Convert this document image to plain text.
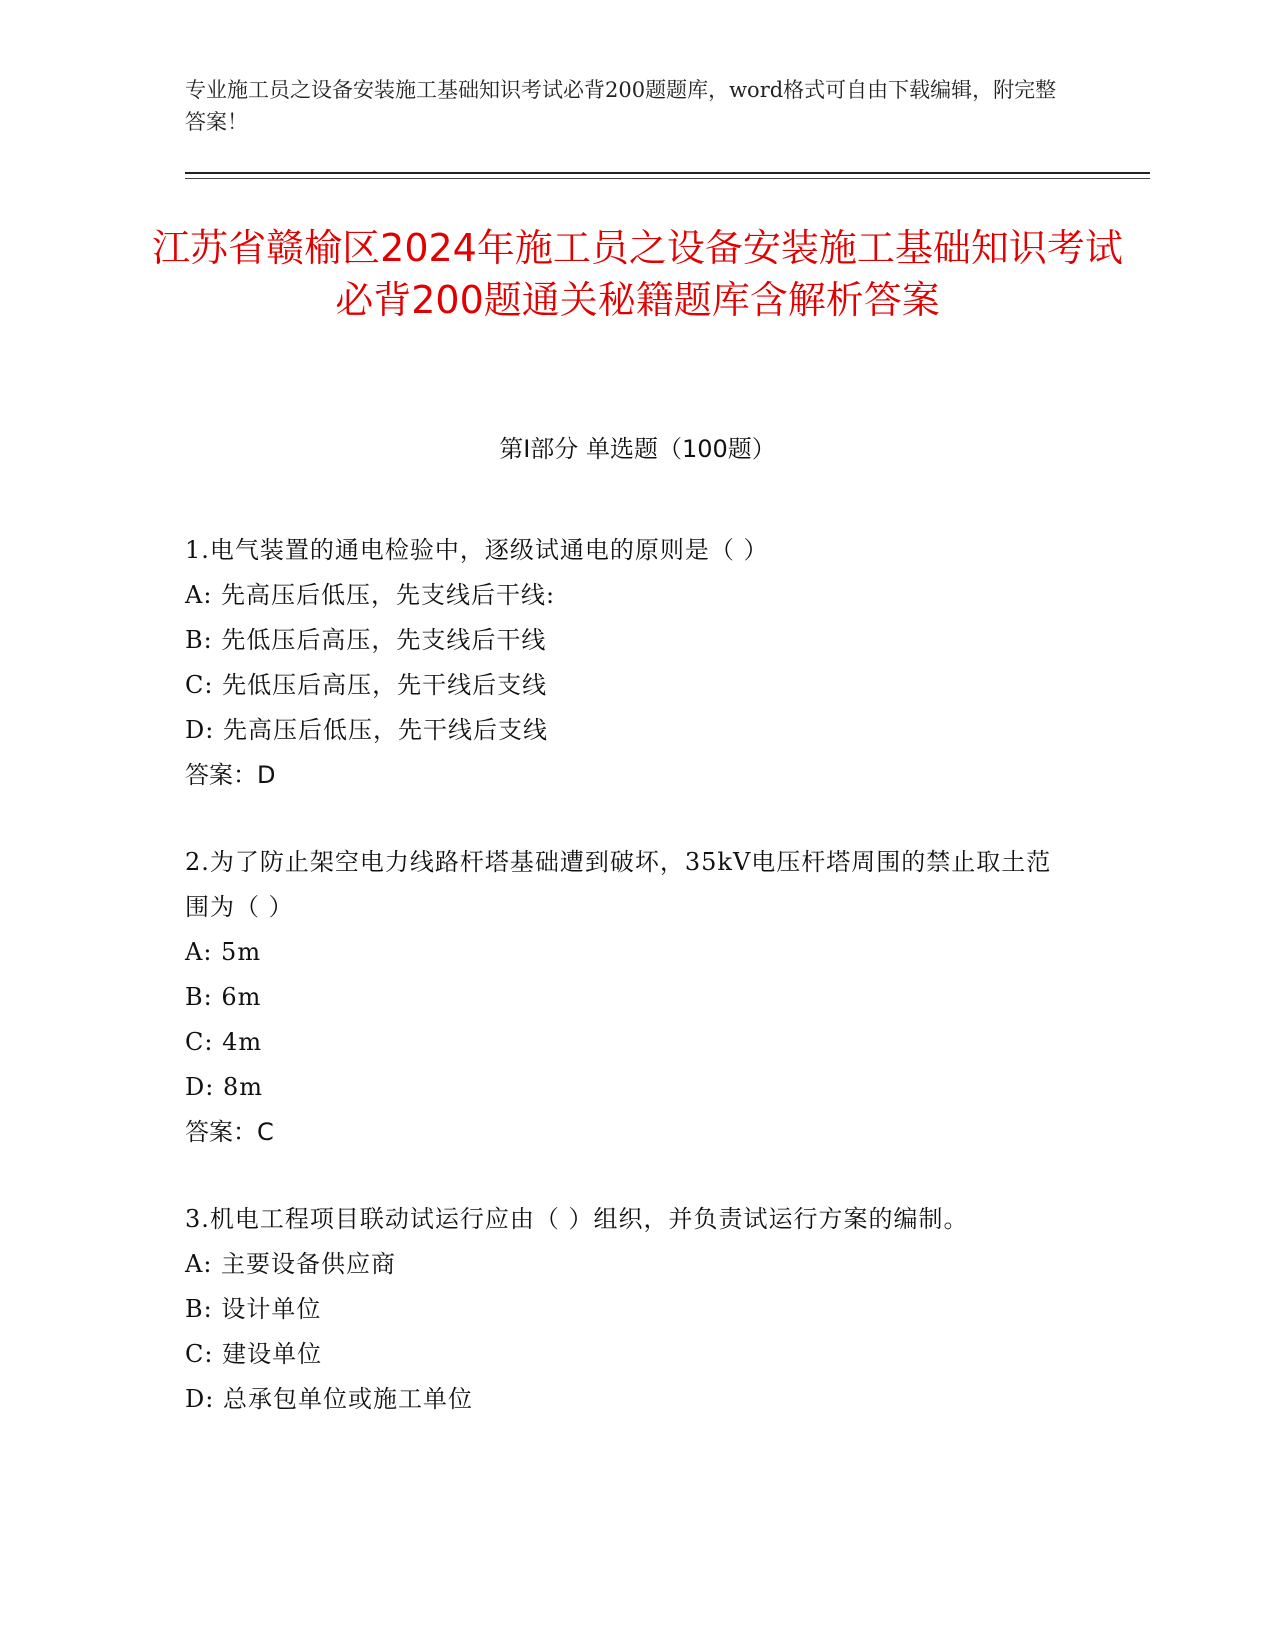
专业施工员之设备安装施工基础知识考试必背200题题库，word格式可自由下载编辑，附完整答案！
江苏省赣榆区2024年施工员之设备安装施工基础知识考试必背200题通关秘籍题库含解析答案
第I部分 单选题（100题）
1.电气装置的通电检验中，逐级试通电的原则是（ ）
A: 先高压后低压，先支线后干线:
B: 先低压后高压，先支线后干线
C: 先低压后高压，先干线后支线
D: 先高压后低压，先干线后支线
答案：D
2.为了防止架空电力线路杆塔基础遭到破坏，35kV电压杆塔周围的禁止取土范围为（ ）
A: 5m
B: 6m
C: 4m
D: 8m
答案：C
3.机电工程项目联动试运行应由（ ）组织，并负责试运行方案的编制。
A: 主要设备供应商
B: 设计单位
C: 建设单位
D: 总承包单位或施工单位
